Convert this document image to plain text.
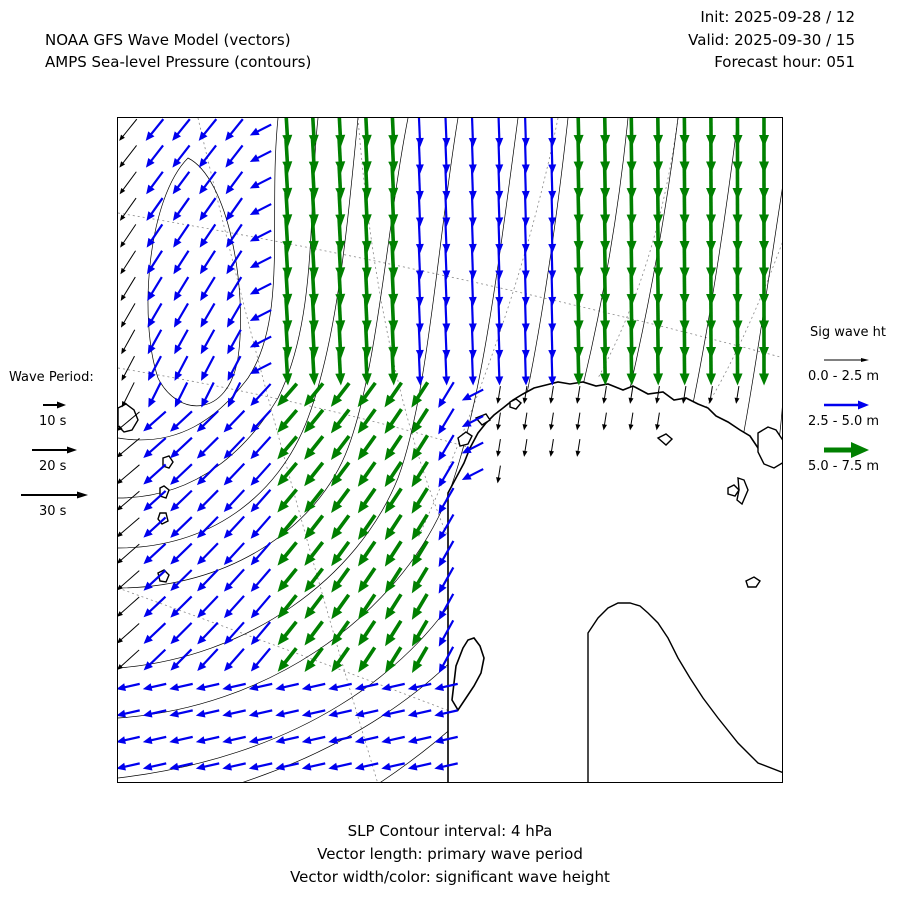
NOAA GFS Wave Model (vectors)
AMPS Sea-level Pressure (contours)
Init: 2025-09-28 / 12
Valid: 2025-09-30 / 15
Forecast hour: 051
Wave Period:
10 s
20 s
30 s
Sig wave ht
0.0 - 2.5 m
2.5 - 5.0 m
5.0 - 7.5 m
SLP Contour interval: 4 hPa
Vector length: primary wave period
Vector width/color: significant wave height
